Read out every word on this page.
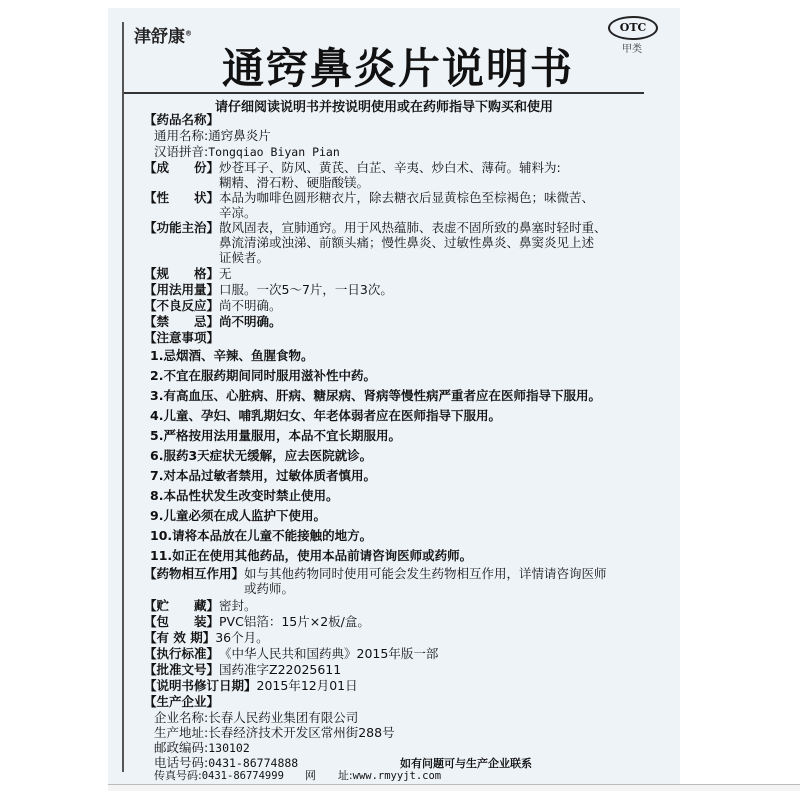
津舒康®	OTC
甲类
通窍鼻炎片说明书
请仔细阅读说明书并按说明使用或在药师指导下购买和使用
【药品名称】
通用名称:通窍鼻炎片
汉语拼音:Tongqiao Biyan Pian
【成　　份】炒苍耳子、防风、黄芪、白芷、辛夷、炒白术、薄荷。辅料为:
糊精、滑石粉、硬脂酸镁。
【性　　状】本品为咖啡色圆形糖衣片，除去糖衣后显黄棕色至棕褐色；味微苦、
辛凉。
【功能主治】散风固表，宣肺通窍。用于风热蕴肺、表虚不固所致的鼻塞时轻时重、
鼻流清涕或浊涕、前额头痛；慢性鼻炎、过敏性鼻炎、鼻窦炎见上述
证候者。
【规　　格】无
【用法用量】口服。一次5～7片，一日3次。
【不良反应】尚不明确。
【禁　　忌】尚不明确。
【注意事项】
1.忌烟酒、辛辣、鱼腥食物。
2.不宜在服药期间同时服用滋补性中药。
3.有高血压、心脏病、肝病、糖尿病、肾病等慢性病严重者应在医师指导下服用。
4.儿童、孕妇、哺乳期妇女、年老体弱者应在医师指导下服用。
5.严格按用法用量服用，本品不宜长期服用。
6.服药3天症状无缓解，应去医院就诊。
7.对本品过敏者禁用，过敏体质者慎用。
8.本品性状发生改变时禁止使用。
9.儿童必须在成人监护下使用。
10.请将本品放在儿童不能接触的地方。
11.如正在使用其他药品，使用本品前请咨询医师或药师。
【药物相互作用】如与其他药物同时使用可能会发生药物相互作用，详情请咨询医师
或药师。
【贮　　藏】密封。
【包　　装】PVC铝箔：15片×2板/盒。
【有 效 期】36个月。
【执行标准】《中华人民共和国药典》2015年版一部
【批准文号】国药准字Z22025611
【说明书修订日期】2015年12月01日
【生产企业】
企业名称:长春人民药业集团有限公司
生产地址:长春经济技术开发区常州街288号
邮政编码:130102
电话号码:0431-86774888
传真号码:0431-86774999 网　　址:www.rmyyjt.com
如有问题可与生产企业联系
